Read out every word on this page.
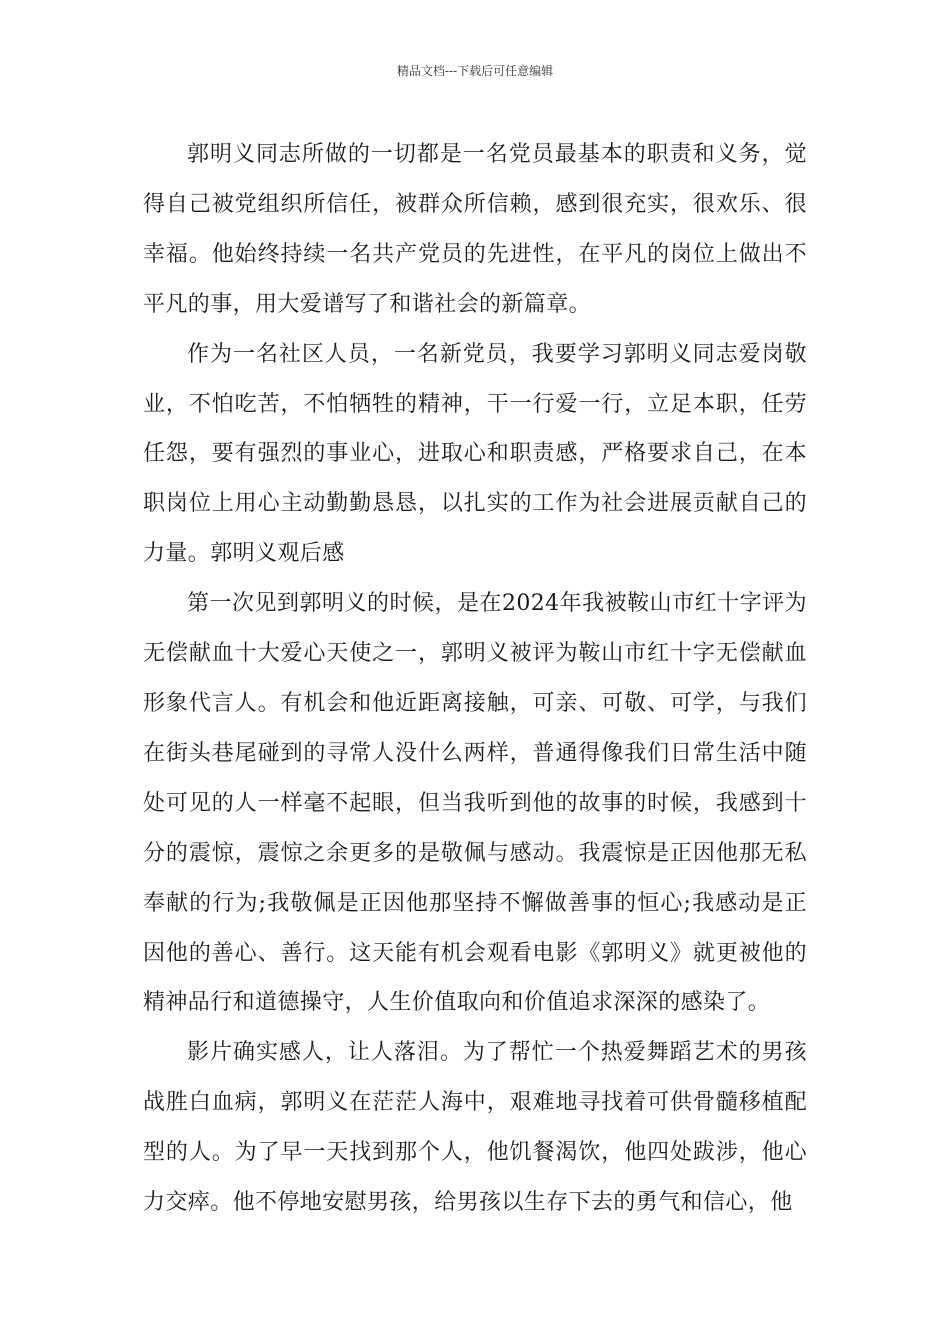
精品文档---下载后可任意编辑

郭明义同志所做的一切都是一名党员最基本的职责和义务，觉得自己被党组织所信任，被群众所信赖，感到很充实，很欢乐、很幸福。他始终持续一名共产党员的先进性，在平凡的岗位上做出不平凡的事，用大爱谱写了和谐社会的新篇章。

作为一名社区人员，一名新党员，我要学习郭明义同志爱岗敬业，不怕吃苦，不怕牺牲的精神，干一行爱一行，立足本职，任劳任怨，要有强烈的事业心，进取心和职责感，严格要求自己，在本职岗位上用心主动勤勤恳恳，以扎实的工作为社会进展贡献自己的力量。郭明义观后感

第一次见到郭明义的时候，是在2024年我被鞍山市红十字评为无偿献血十大爱心天使之一，郭明义被评为鞍山市红十字无偿献血形象代言人。有机会和他近距离接触，可亲、可敬、可学，与我们在街头巷尾碰到的寻常人没什么两样，普通得像我们日常生活中随处可见的人一样毫不起眼，但当我听到他的故事的时候，我感到十分的震惊，震惊之余更多的是敬佩与感动。我震惊是正因他那无私奉献的行为;我敬佩是正因他那坚持不懈做善事的恒心;我感动是正因他的善心、善行。这天能有机会观看电影《郭明义》就更被他的精神品行和道德操守，人生价值取向和价值追求深深的感染了。

影片确实感人，让人落泪。为了帮忙一个热爱舞蹈艺术的男孩战胜白血病，郭明义在茫茫人海中，艰难地寻找着可供骨髓移植配型的人。为了早一天找到那个人，他饥餐渴饮，他四处跋涉，他心力交瘁。他不停地安慰男孩，给男孩以生存下去的勇气和信心，他
